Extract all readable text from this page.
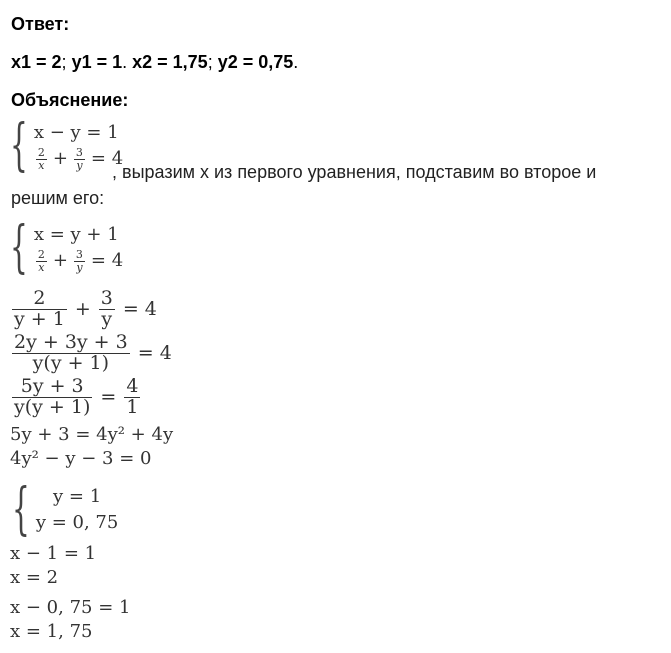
Ответ:
x1 = 2; y1 = 1. x2 = 1,75; y2 = 0,75.
Объяснение:
{ x − y = 1
$\frac{2}{x} + \frac{3}{y} = 4$
, выразим х из первого уравнения, подставим во второе и
решим его:
{ x = y + 1
$\frac{2}{x} + \frac{3}{y} = 4$
$\frac{2}{y + 1} + \frac{3}{y} = 4$
$\frac{2y + 3y + 3}{y(y + 1)} = 4$
$\frac{5y + 3}{y(y + 1)} = \frac{4}{1}$
5y + 3 = 4y² + 4y
4y² − y − 3 = 0
{ y = 1
y = 0, 75
x − 1 = 1
x = 2
x − 0, 75 = 1
x = 1, 75
